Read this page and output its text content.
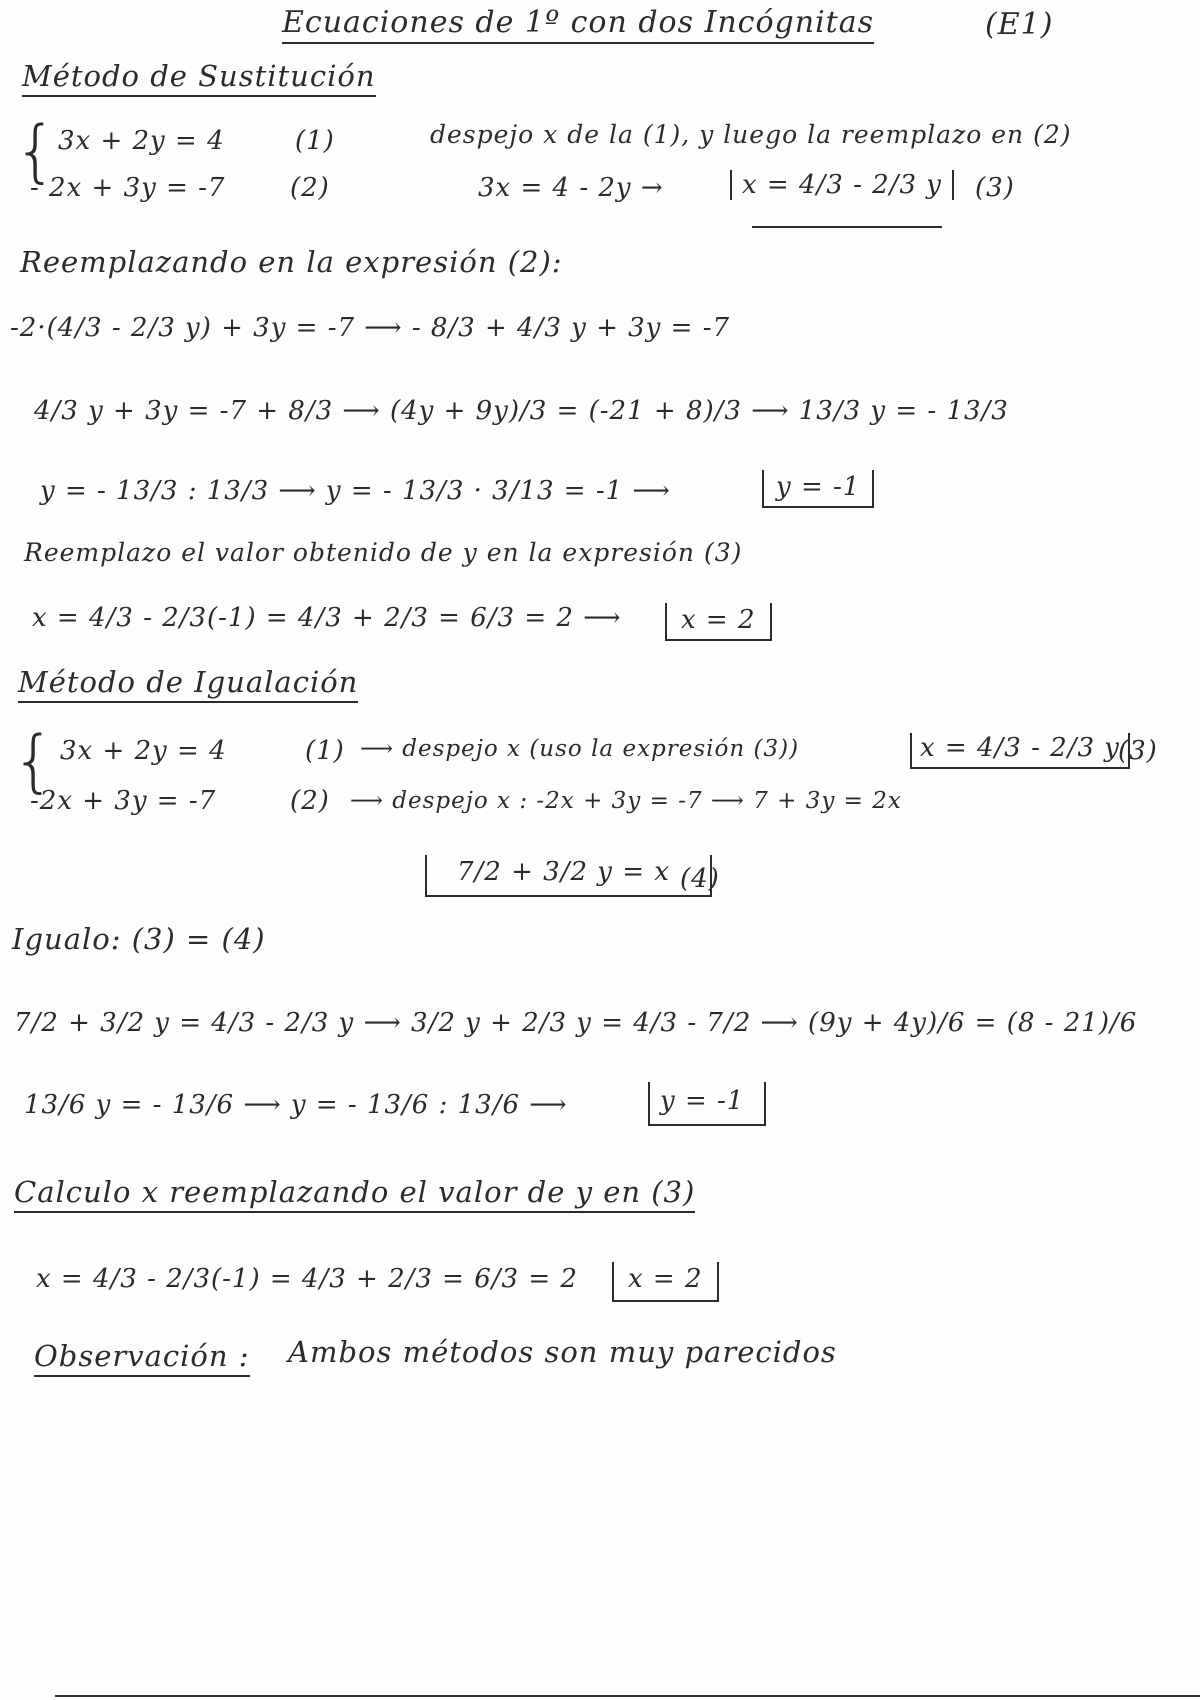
Ecuaciones de 1º con dos Incógnitas	(E1)
Método de Sustitución
{ 3x + 2y = 4	(1)
- 2x + 3y = -7 (2)
despejo x de la (1), y luego la reemplazo en (2)
3x = 4 - 2y →	x = 4/3 - 2/3 y	(3)
Reemplazando en la expresión (2):
-2·(4/3 - 2/3 y) + 3y = -7 ⟶ - 8/3 + 4/3 y + 3y = -7
4/3 y + 3y = -7 + 8/3 ⟶ (4y + 9y)/3 = (-21 + 8)/3 ⟶ 13/3 y = - 13/3
y = - 13/3 : 13/3 ⟶ y = - 13/3 · 3/13 = -1 ⟶	y = -1
Reemplazo el valor obtenido de y en la expresión (3)
x = 4/3 - 2/3(-1) = 4/3 + 2/3 = 6/3 = 2 ⟶	x = 2
Método de Igualación
{ 3x + 2y = 4	(1) ⟶ despejo x (uso la expresión (3))	x = 4/3 - 2/3 y
(3)
-2x + 3y = -7	(2) ⟶ despejo x : -2x + 3y = -7 ⟶ 7 + 3y = 2x
7/2 + 3/2 y = x (4)
Igualo: (3) = (4)
7/2 + 3/2 y = 4/3 - 2/3 y ⟶ 3/2 y + 2/3 y = 4/3 - 7/2 ⟶ (9y + 4y)/6 = (8 - 21)/6
13/6 y = - 13/6 ⟶ y = - 13/6 : 13/6 ⟶	y = -1
Calculo x reemplazando el valor de y en (3)
x = 4/3 - 2/3(-1) = 4/3 + 2/3 = 6/3 = 2	x = 2
Observación : Ambos métodos son muy parecidos
